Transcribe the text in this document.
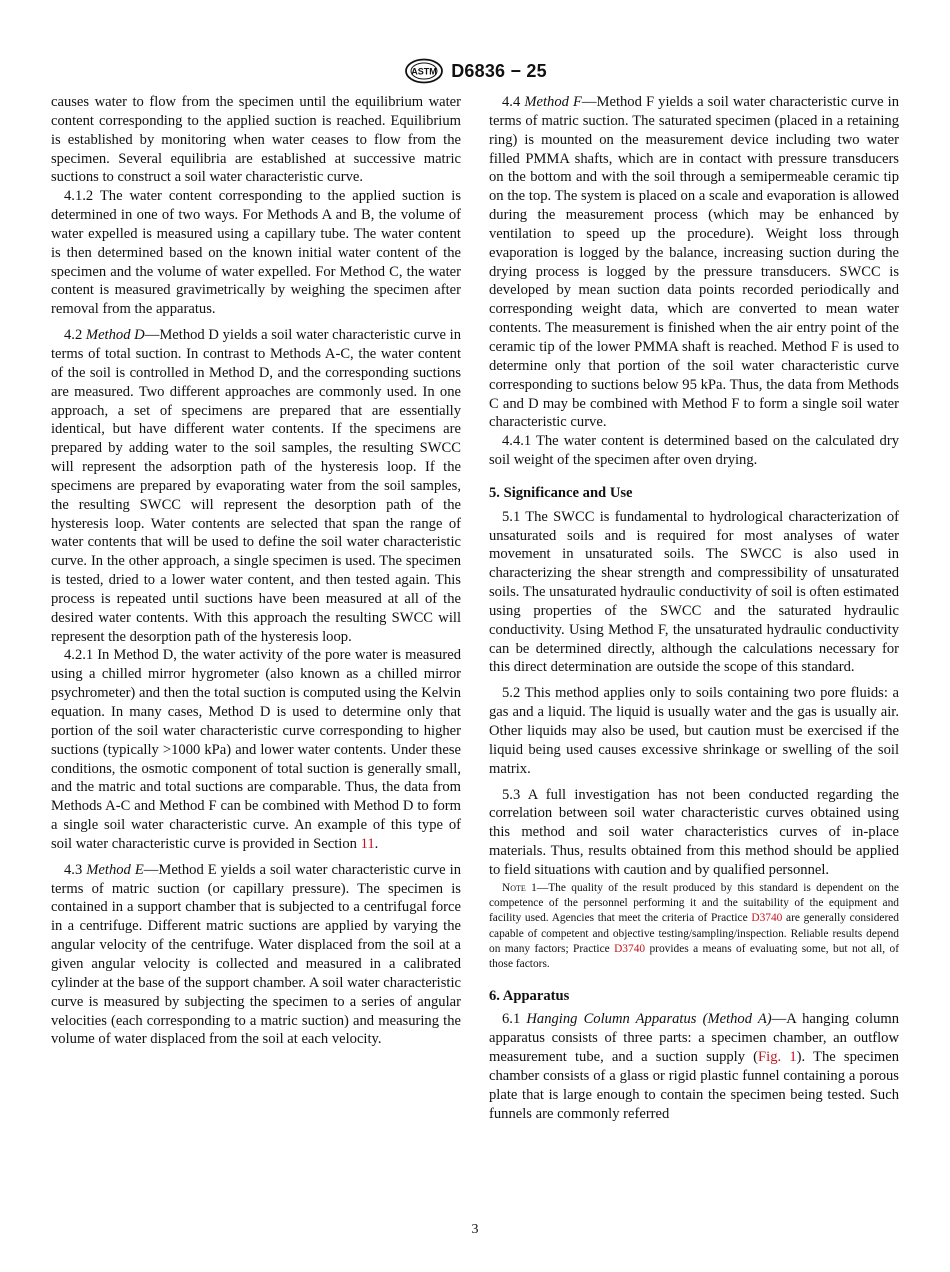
ASTM D6836 − 25

causes water to flow from the specimen until the equilibrium water content corresponding to the applied suction is reached. Equilibrium is established by monitoring when water ceases to flow from the specimen. Several equilibria are established at successive matric suctions to construct a soil water characteristic curve.

4.1.2 The water content corresponding to the applied suction is determined in one of two ways. For Methods A and B, the volume of water expelled is measured using a capillary tube. The water content is then determined based on the known initial water content of the specimen and the volume of water expelled. For Method C, the water content is measured gravimetrically by weighing the specimen after removal from the apparatus.

4.2 Method D—Method D yields a soil water characteristic curve in terms of total suction. In contrast to Methods A-C, the water content of the soil is controlled in Method D, and the corresponding suctions are measured. Two different approaches are commonly used. In one approach, a set of specimens are prepared that are essentially identical, but have different water contents. If the specimens are prepared by adding water to the soil samples, the resulting SWCC will represent the adsorption path of the hysteresis loop. If the specimens are prepared by evaporating water from the soil samples, the resulting SWCC will represent the desorption path of the hysteresis loop. Water contents are selected that span the range of water contents that will be used to define the soil water characteristic curve. In the other approach, a single specimen is used. The specimen is tested, dried to a lower water content, and then tested again. This process is repeated until suctions have been measured at all of the desired water contents. With this approach the resulting SWCC will represent the desorption path of the hysteresis loop.

4.2.1 In Method D, the water activity of the pore water is measured using a chilled mirror hygrometer (also known as a chilled mirror psychrometer) and then the total suction is computed using the Kelvin equation. In many cases, Method D is used to determine only that portion of the soil water characteristic curve corresponding to higher suctions (typically >1000 kPa) and lower water contents. Under these conditions, the osmotic component of total suction is generally small, and the matric and total suctions are comparable. Thus, the data from Methods A-C and Method F can be combined with Method D to form a single soil water characteristic curve. An example of this type of soil water characteristic curve is provided in Section 11.

4.3 Method E—Method E yields a soil water characteristic curve in terms of matric suction (or capillary pressure). The specimen is contained in a support chamber that is subjected to a centrifugal force in a centrifuge. Different matric suctions are applied by varying the angular velocity of the centrifuge. Water displaced from the soil at a given angular velocity is collected and measured in a calibrated cylinder at the base of the support chamber. A soil water characteristic curve is measured by subjecting the specimen to a series of angular velocities (each corresponding to a matric suction) and measuring the volume of water displaced from the soil at each velocity.

4.4 Method F—Method F yields a soil water characteristic curve in terms of matric suction. The saturated specimen (placed in a retaining ring) is mounted on the measurement device including two water filled PMMA shafts, which are in contact with pressure transducers on the bottom and with the soil through a semipermeable ceramic tip on the top. The system is placed on a scale and evaporation is allowed during the measurement process (which may be enhanced by ventilation to speed up the procedure). Weight loss through evaporation is logged by the balance, increasing suction during the drying process is logged by the pressure transducers. SWCC is developed by mean suction data points recorded periodically and corresponding weight data, which are converted to mean water contents. The measurement is finished when the air entry point of the ceramic tip of the lower PMMA shaft is reached. Method F is used to determine only that portion of the soil water characteristic curve corresponding to suctions below 95 kPa. Thus, the data from Methods C and D may be combined with Method F to form a single soil water characteristic curve.

4.4.1 The water content is determined based on the calculated dry soil weight of the specimen after oven drying.

5. Significance and Use

5.1 The SWCC is fundamental to hydrological characterization of unsaturated soils and is required for most analyses of water movement in unsaturated soils. The SWCC is also used in characterizing the shear strength and compressibility of unsaturated soils. The unsaturated hydraulic conductivity of soil is often estimated using properties of the SWCC and the saturated hydraulic conductivity. Using Method F, the unsaturated hydraulic conductivity can be determined directly, although the calculations necessary for this direct determination are outside the scope of this standard.

5.2 This method applies only to soils containing two pore fluids: a gas and a liquid. The liquid is usually water and the gas is usually air. Other liquids may also be used, but caution must be exercised if the liquid being used causes excessive shrinkage or swelling of the soil matrix.

5.3 A full investigation has not been conducted regarding the correlation between soil water characteristic curves obtained using this method and soil water characteristics curves of in-place materials. Thus, results obtained from this method should be applied to field situations with caution and by qualified personnel.

Note 1—The quality of the result produced by this standard is dependent on the competence of the personnel performing it and the suitability of the equipment and facility used. Agencies that meet the criteria of Practice D3740 are generally considered capable of competent and objective testing/sampling/inspection. Reliable results depend on many factors; Practice D3740 provides a means of evaluating some, but not all, of those factors.

6. Apparatus

6.1 Hanging Column Apparatus (Method A)—A hanging column apparatus consists of three parts: a specimen chamber, an outflow measurement tube, and a suction supply (Fig. 1). The specimen chamber consists of a glass or rigid plastic funnel containing a porous plate that is large enough to contain the specimen being tested. Such funnels are commonly referred

3
